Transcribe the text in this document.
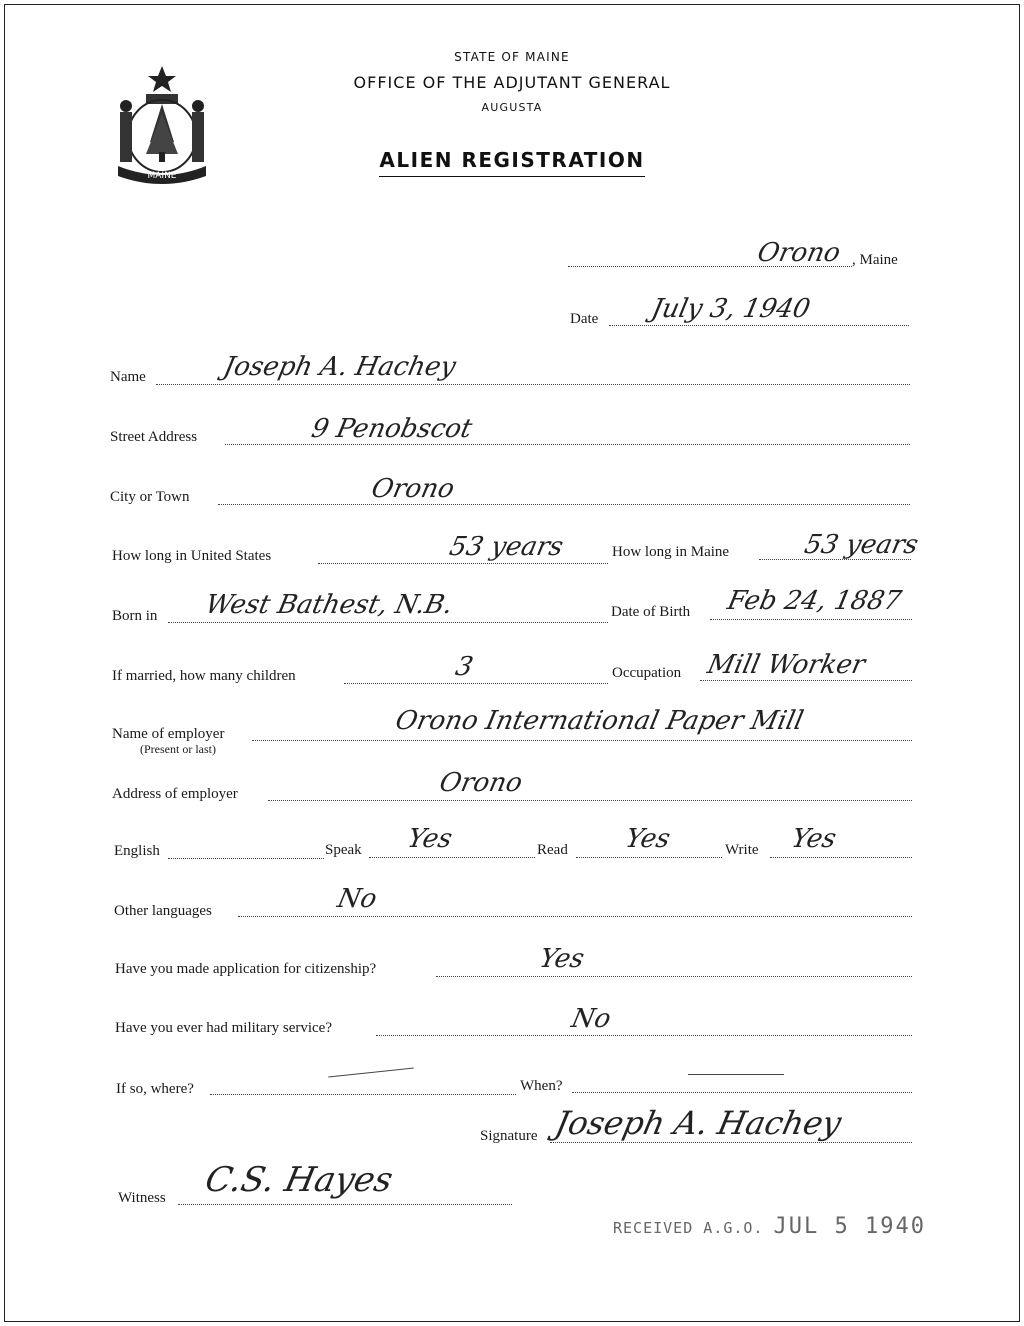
MAINE
STATE OF MAINE
OFFICE OF THE ADJUTANT GENERAL
AUGUSTA
ALIEN REGISTRATION
Orono , Maine
Date July 3, 1940
Name	Joseph A. Hachey
Street Address	9 Penobscot
City or Town	Orono
How long in United States	53 years	How long in Maine	53 years
Born in West Bathest, N.B.	Date of Birth Feb 24, 1887
If married, how many children	3	Occupation Mill Worker
Name of employer
(Present or last)
Orono International Paper Mill
Address of employer	Orono
English	Speak Yes	Read Yes	Write Yes
Other languages	No
Have you made application for citizenship?	Yes
Have you ever had military service?	No
If so, where?	When?
Signature Joseph A. Hachey
Witness C.S. Hayes
RECEIVED A.G.O. JUL 5 1940
